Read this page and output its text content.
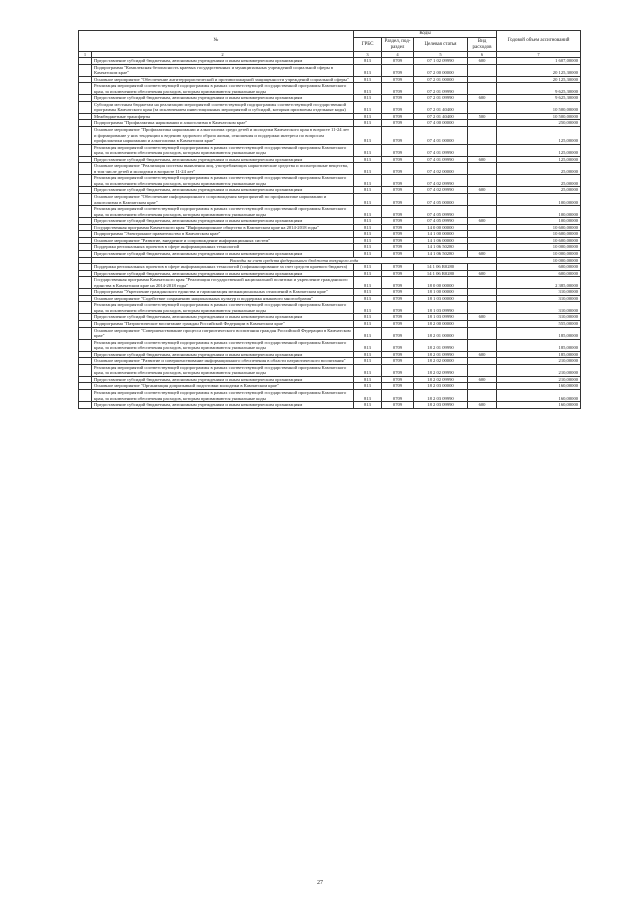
№		Коды				Годовой объем ассигнований
		ГРБС	Раздел, под-раздел	Целевая статья	Вид расходов	
1	2	3	4	5	6	7
	Предоставление субсидий бюджетным, автономным учреждениям и иным некоммерческим организациям	813	0709	07 1 02 09990	600	1 607,00000
	Подпрограмма "Комплексная безопасность краевых государственных и муниципальных учреждений социальной сферы в Камчатском крае"	813	0709	07 2 00 00000		20 125,30000
	Основное мероприятие "Обеспечение антитеррористической и противопожарной защищенности учреждений социальной сферы"	813	0709	07 2 01 00000		20 125,30000
	Реализация мероприятий соответствующей подпрограммы в рамках соответствующей государственной программы Камчатского края, за исключением обеспечения расходов, которым присваиваются уникальные коды	813	0709	07 2 01 09990		9 625,30000
	Предоставление субсидий бюджетным, автономным учреждениям и иным некоммерческим организациям	813	0709	07 2 01 09990	600	9 625,30000
	Субсидии местным бюджетам на реализацию мероприятий соответствующей подпрограммы соответствующей государственной программы Камчатского края (за исключением инвестиционных мероприятий и субсидий, которым присвоены отдельные коды)	813	0709	07 2 01 40400		10 500,00000
	Межбюджетные трансферты	813	0709	07 2 01 40400	500	10 500,00000
	Подпрограмма "Профилактика наркомании и алкоголизма в Камчатском крае"	813	0709	07 4 00 00000		250,00000
	Основное мероприятие "Профилактика наркомании и алкоголизма среди детей и молодежи Камчатского края в возрасте 11-24 лет и формирование у них тенденции к ведению здорового образа жизни, отношения и поддержки интереса по вопросам профилактики наркомании и алкоголизма в Камчатском крае"	813	0709	07 4 01 00000		125,00000
	Реализация мероприятий соответствующей подпрограммы в рамках соответствующей государственной программы Камчатского края, за исключением обеспечения расходов, которым присваиваются уникальные коды	813	0709	07 4 01 09990		125,00000
	Предоставление субсидий бюджетным, автономным учреждениям и иным некоммерческим организациям	813	0709	07 4 01 09990	600	125,00000
	Основное мероприятие "Реализация системы выявления лиц, употребляющих наркотические средства и психотропные вещества, в том числе детей и молодежи в возрасте 11-24 лет"	813	0709	07 4 02 00000		25,00000
	Реализация мероприятий соответствующей подпрограммы в рамках соответствующей государственной программы Камчатского края, за исключением обеспечения расходов, которым присваиваются уникальные коды	813	0709	07 4 02 09990		25,00000
	Предоставление субсидий бюджетным, автономным учреждениям и иным некоммерческим организациям	813	0709	07 4 02 09990	600	25,00000
	Основное мероприятие "Обеспечение информационного сопровождения мероприятий по профилактике наркомании и алкоголизма в Камчатском крае"	813	0709	07 4 05 00000		100,00000
	Реализация мероприятий соответствующей подпрограммы в рамках соответствующей государственной программы Камчатского края, за исключением обеспечения расходов, которым присваиваются уникальные коды	813	0709	07 4 05 09990		100,00000
	Предоставление субсидий бюджетным, автономным учреждениям и иным некоммерческим организациям	813	0709	07 4 05 09990	600	100,00000
	Государственная программа Камчатского края "Информационное общество в Камчатском крае на 2014-2018 годы"	813	0709	14 0 00 00000		10 600,00000
	Подпрограмма "Электронное правительство в Камчатском крае"	813	0709	14 1 00 00000		10 600,00000
	Основное мероприятие "Развитие, внедрение и сопровождение информационных систем"	813	0709	14 1 06 00000		10 600,00000
	Поддержка региональных проектов в сфере информационных технологий	813	0709	14 1 06 50280		10 000,00000
	Предоставление субсидий бюджетным, автономным учреждениям и иным некоммерческим организациям	813	0709	14 1 06 50280	600	10 000,00000
	Расходы за счет средств федерального бюджета текущего года					10 000,00000
	Поддержка региональных проектов в сфере информационных технологий (софинансирование за счет средств краевого бюджета)	813	0709	14 1 06 R0280		600,00000
	Предоставление субсидий бюджетным, автономным учреждениям и иным некоммерческим организациям	813	0709	14 1 06 R0280	600	600,00000
	Государственная программа Камчатского края "Реализация государственной национальной политики и укрепление гражданского единства в Камчатском крае на 2014-2018 годы"	813	0709	18 0 00 00000		2 385,00000
	Подпрограмма "Укрепление гражданского единства и гармонизация межнациональных отношений в Камчатском крае"	813	0709	18 1 00 00000		310,00000
	Основное мероприятие "Содействие сохранению национальных культур и поддержка языкового многообразия"	813	0709	18 1 03 00000		310,00000
	Реализация мероприятий соответствующей подпрограммы в рамках соответствующей государственной программы Камчатского края, за исключением обеспечения расходов, которым присваиваются уникальные коды	813	0709	18 1 03 09990		310,00000
	Предоставление субсидий бюджетным, автономным учреждениям и иным некоммерческим организациям	813	0709	18 1 03 09990	600	310,00000
	Подпрограмма "Патриотическое воспитание граждан Российской Федерации в Камчатском крае"	813	0709	18 2 00 00000		555,00000
	Основное мероприятие "Совершенствование процесса патриотического воспитания граждан Российской Федерации в Камчатском крае"	813	0709	18 2 01 00000		185,00000
	Реализация мероприятий соответствующей подпрограммы в рамках соответствующей государственной программы Камчатского края, за исключением обеспечения расходов, которым присваиваются уникальные коды	813	0709	18 2 01 09990		185,00000
	Предоставление субсидий бюджетным, автономным учреждениям и иным некоммерческим организациям	813	0709	18 2 01 09990	600	185,00000
	Основное мероприятие "Развитие и совершенствование информационного обеспечения в области патриотического воспитания"	813	0709	18 2 02 00000		210,00000
	Реализация мероприятий соответствующей подпрограммы в рамках соответствующей государственной программы Камчатского края, за исключением обеспечения расходов, которым присваиваются уникальные коды	813	0709	18 2 02 09990		210,00000
	Предоставление субсидий бюджетным, автономным учреждениям и иным некоммерческим организациям	813	0709	18 2 02 09990	600	210,00000
	Основное мероприятие "Организация допризывной подготовки молодежи в Камчатском крае"	813	0709	18 2 03 00000		160,00000
	Реализация мероприятий соответствующей подпрограммы в рамках соответствующей государственной программы Камчатского края, за исключением обеспечения расходов, которым присваиваются уникальные коды	813	0709	18 2 03 09990		160,00000
	Предоставление субсидий бюджетным, автономным учреждениям и иным некоммерческим организациям	813	0709	18 2 03 09990	600	160,00000
27
